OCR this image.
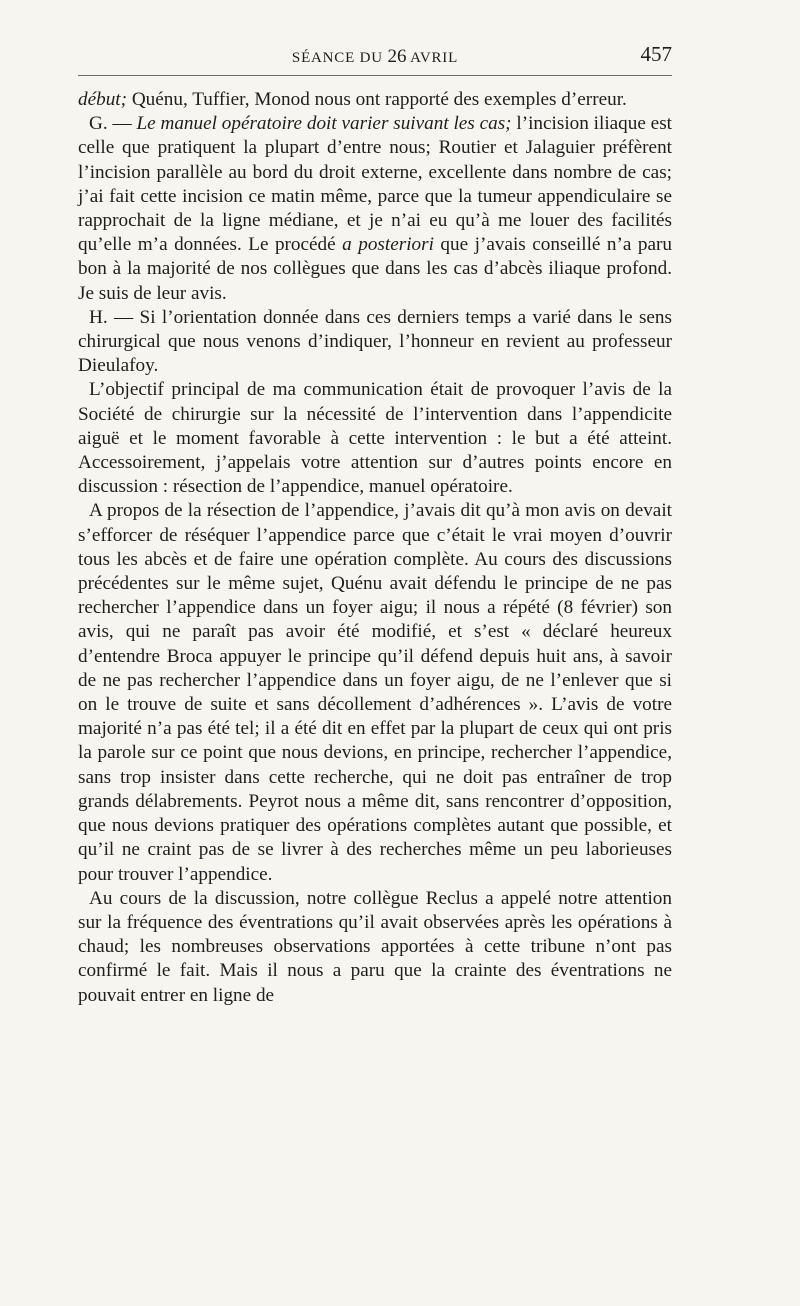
SÉANCE DU 26 AVRIL	457

début; Quénu, Tuffier, Monod nous ont rapporté des exemples d’erreur.

G. — Le manuel opératoire doit varier suivant les cas; l’incision iliaque est celle que pratiquent la plupart d’entre nous; Routier et Jalaguier préfèrent l’incision parallèle au bord du droit externe, excellente dans nombre de cas; j’ai fait cette incision ce matin même, parce que la tumeur appendiculaire se rapprochait de la ligne médiane, et je n’ai eu qu’à me louer des facilités qu’elle m’a données. Le procédé a posteriori que j’avais conseillé n’a paru bon à la majorité de nos collègues que dans les cas d’abcès iliaque profond. Je suis de leur avis.

H. — Si l’orientation donnée dans ces derniers temps a varié dans le sens chirurgical que nous venons d’indiquer, l’honneur en revient au professeur Dieulafoy.

L’objectif principal de ma communication était de provoquer l’avis de la Société de chirurgie sur la nécessité de l’intervention dans l’appendicite aiguë et le moment favorable à cette intervention : le but a été atteint. Accessoirement, j’appelais votre attention sur d’autres points encore en discussion : résection de l’appendice, manuel opératoire.

A propos de la résection de l’appendice, j’avais dit qu’à mon avis on devait s’efforcer de réséquer l’appendice parce que c’était le vrai moyen d’ouvrir tous les abcès et de faire une opération complète. Au cours des discussions précédentes sur le même sujet, Quénu avait défendu le principe de ne pas rechercher l’appendice dans un foyer aigu; il nous a répété (8 février) son avis, qui ne paraît pas avoir été modifié, et s’est « déclaré heureux d’entendre Broca appuyer le principe qu’il défend depuis huit ans, à savoir de ne pas rechercher l’appendice dans un foyer aigu, de ne l’enlever que si on le trouve de suite et sans décollement d’adhérences ». L’avis de votre majorité n’a pas été tel; il a été dit en effet par la plupart de ceux qui ont pris la parole sur ce point que nous devions, en principe, rechercher l’appendice, sans trop insister dans cette recherche, qui ne doit pas entraîner de trop grands délabrements. Peyrot nous a même dit, sans rencontrer d’opposition, que nous devions pratiquer des opérations complètes autant que possible, et qu’il ne craint pas de se livrer à des recherches même un peu laborieuses pour trouver l’appendice.

Au cours de la discussion, notre collègue Reclus a appelé notre attention sur la fréquence des éventrations qu’il avait observées après les opérations à chaud; les nombreuses observations apportées à cette tribune n’ont pas confirmé le fait. Mais il nous a paru que la crainte des éventrations ne pouvait entrer en ligne de
